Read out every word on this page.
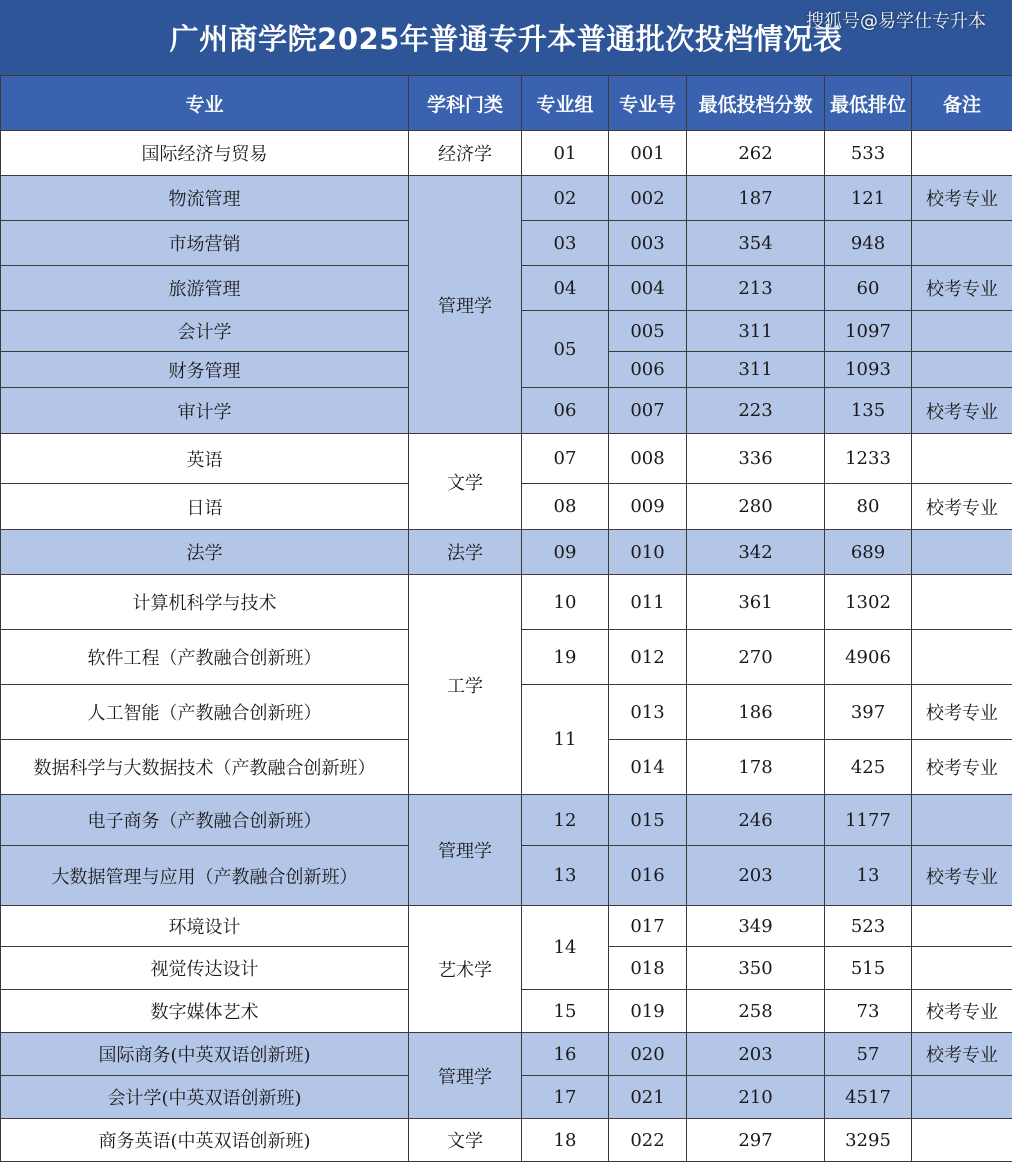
广州商学院2025年普通专升本普通批次投档情况表
搜狐号@易学仕专升本
专业	学科门类	专业组	专业号	最低投档分数	最低排位	备注
国际经济与贸易	经济学	01	001	262	533	
物流管理	管理学	02	002	187	121	校考专业
市场营销		03	003	354	948	
旅游管理		04	004	213	60	校考专业
会计学		05	005	311	1097	
财务管理			006	311	1093	
审计学		06	007	223	135	校考专业
英语	文学	07	008	336	1233	
日语		08	009	280	80	校考专业
法学	法学	09	010	342	689	
计算机科学与技术	工学	10	011	361	1302	
软件工程（产教融合创新班）		19	012	270	4906	
人工智能（产教融合创新班）		11	013	186	397	校考专业
数据科学与大数据技术（产教融合创新班）			014	178	425	校考专业
电子商务（产教融合创新班）	管理学	12	015	246	1177	
大数据管理与应用（产教融合创新班）		13	016	203	13	校考专业
环境设计	艺术学	14	017	349	523	
视觉传达设计			018	350	515	
数字媒体艺术		15	019	258	73	校考专业
国际商务(中英双语创新班)	管理学	16	020	203	57	校考专业
会计学(中英双语创新班)		17	021	210	4517	
商务英语(中英双语创新班)	文学	18	022	297	3295	
